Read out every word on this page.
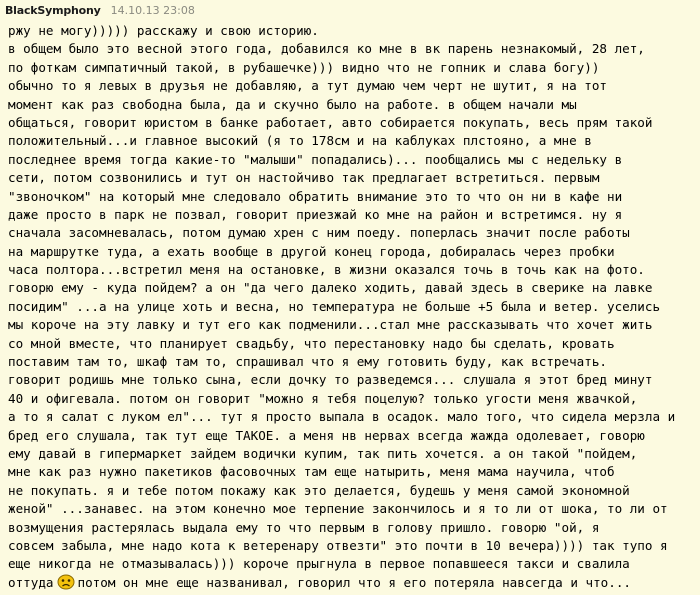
BlackSymphony 14.10.13 23:08
ржу не могу))))) расскажу и свою историю.
в общем было это весной этого года, добавился ко мне в вк парень незнакомый, 28 лет,
по фоткам симпатичный такой, в рубашечке))) видно что не гопник и слава богу))
обычно то я левых в друзья не добавляю, а тут думаю чем черт не шутит, я на тот
момент как раз свободна была, да и скучно было на работе. в общем начали мы
общаться, говорит юристом в банке работает, авто собирается покупать, весь прям такой
положительный...и главное высокий (я то 178см и на каблуках плстояно, а мне в
последнее время тогда какие-то "малыши" попадались)... пообщались мы с недельку в
сети, потом созвонились и тут он настойчиво так предлагает встретиться. первым
"звоночком" на который мне следовало обратить внимание это то что он ни в кафе ни
даже просто в парк не позвал, говорит приезжай ко мне на район и встретимся. ну я
сначала засомневалась, потом думаю хрен с ним поеду. поперлась значит после работы
на маршрутке туда, а ехать вообще в другой конец города, добиралась через пробки
часа полтора...встретил меня на остановке, в жизни оказался точь в точь как на фото.
говорю ему - куда пойдем? а он "да чего далеко ходить, давай здесь в сверике на лавке
посидим" ...а на улице хоть и весна, но температура не больше +5 была и ветер. уселись
мы короче на эту лавку и тут его как подменили...стал мне рассказывать что хочет жить
со мной вместе, что планирует свадьбу, что перестановку надо бы сделать, кровать
поставим там то, шкаф там то, спрашивал что я ему готовить буду, как встречать.
говорит родишь мне только сына, если дочку то разведемся... слушала я этот бред минут
40 и офигевала. потом он говорит "можно я тебя поцелую? только угости меня жвачкой,
а то я салат с луком ел"... тут я просто выпала в осадок. мало того, что сидела мерзла и
бред его слушала, так тут еще ТАКОЕ. а меня нв нервах всегда жажда одолевает, говорю
ему давай в гипермаркет зайдем водички купим, так пить хочется. а он такой "пойдем,
мне как раз нужно пакетиков фасовочных там еще натырить, меня мама научила, чтоб
не покупать. я и тебе потом покажу как это делается, будешь у меня самой экономной
женой" ...занавес. на этом конечно мое терпение закончилось и я то ли от шока, то ли от
возмущения растерялась выдала ему то что первым в голову пришло. говорю "ой, я
совсем забыла, мне надо кота к ветеренару отвезти" это почти в 10 вечера)))) так тупо я
еще никогда не отмазывалась))) короче прыгнула в первое попавшееся такси и свалила
оттуда потом он мне еще названивал, говорил что я его потеряла навсегда и что...
